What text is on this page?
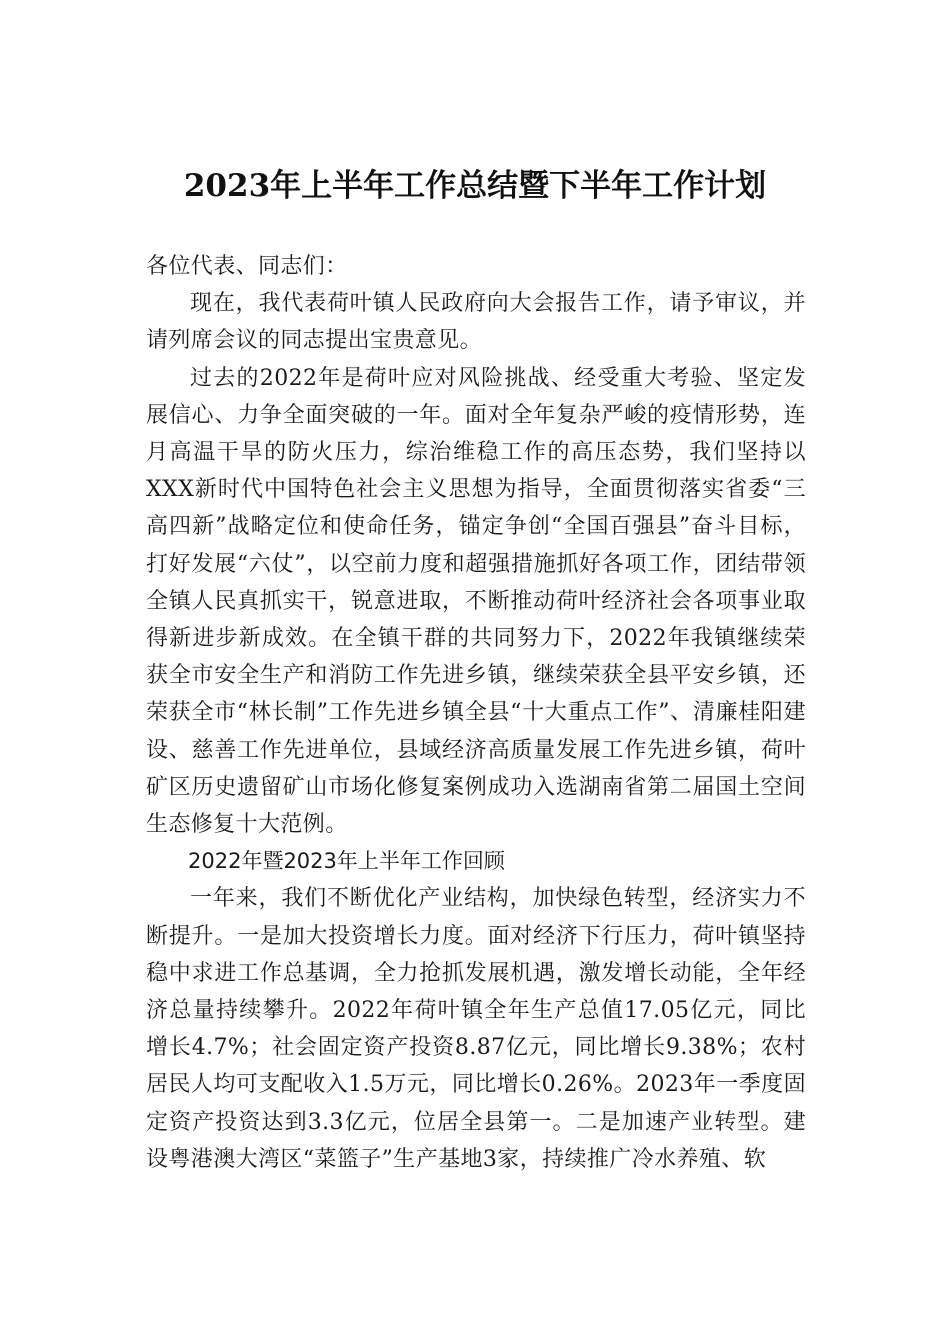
2023年上半年工作总结暨下半年工作计划

各位代表、同志们：

现在，我代表荷叶镇人民政府向大会报告工作，请予审议，并请列席会议的同志提出宝贵意见。

过去的2022年是荷叶应对风险挑战、经受重大考验、坚定发展信心、力争全面突破的一年。面对全年复杂严峻的疫情形势，连月高温干旱的防火压力，综治维稳工作的高压态势，我们坚持以XXX新时代中国特色社会主义思想为指导，全面贯彻落实省委“三高四新”战略定位和使命任务，锚定争创“全国百强县”奋斗目标，打好发展“六仗”，以空前力度和超强措施抓好各项工作，团结带领全镇人民真抓实干，锐意进取，不断推动荷叶经济社会各项事业取得新进步新成效。在全镇干群的共同努力下，2022年我镇继续荣获全市安全生产和消防工作先进乡镇，继续荣获全县平安乡镇，还荣获全市“林长制”工作先进乡镇全县“十大重点工作”、清廉桂阳建设、慈善工作先进单位，县域经济高质量发展工作先进乡镇，荷叶矿区历史遗留矿山市场化修复案例成功入选湖南省第二届国土空间生态修复十大范例。

2022年暨2023年上半年工作回顾

一年来，我们不断优化产业结构，加快绿色转型，经济实力不断提升。一是加大投资增长力度。面对经济下行压力，荷叶镇坚持稳中求进工作总基调，全力抢抓发展机遇，激发增长动能，全年经济总量持续攀升。2022年荷叶镇全年生产总值17.05亿元，同比增长4.7%；社会固定资产投资8.87亿元，同比增长9.38%；农村居民人均可支配收入1.5万元，同比增长0.26%。2023年一季度固定资产投资达到3.3亿元，位居全县第一。二是加速产业转型。建设粤港澳大湾区“菜篮子”生产基地3家，持续推广冷水养殖、软
